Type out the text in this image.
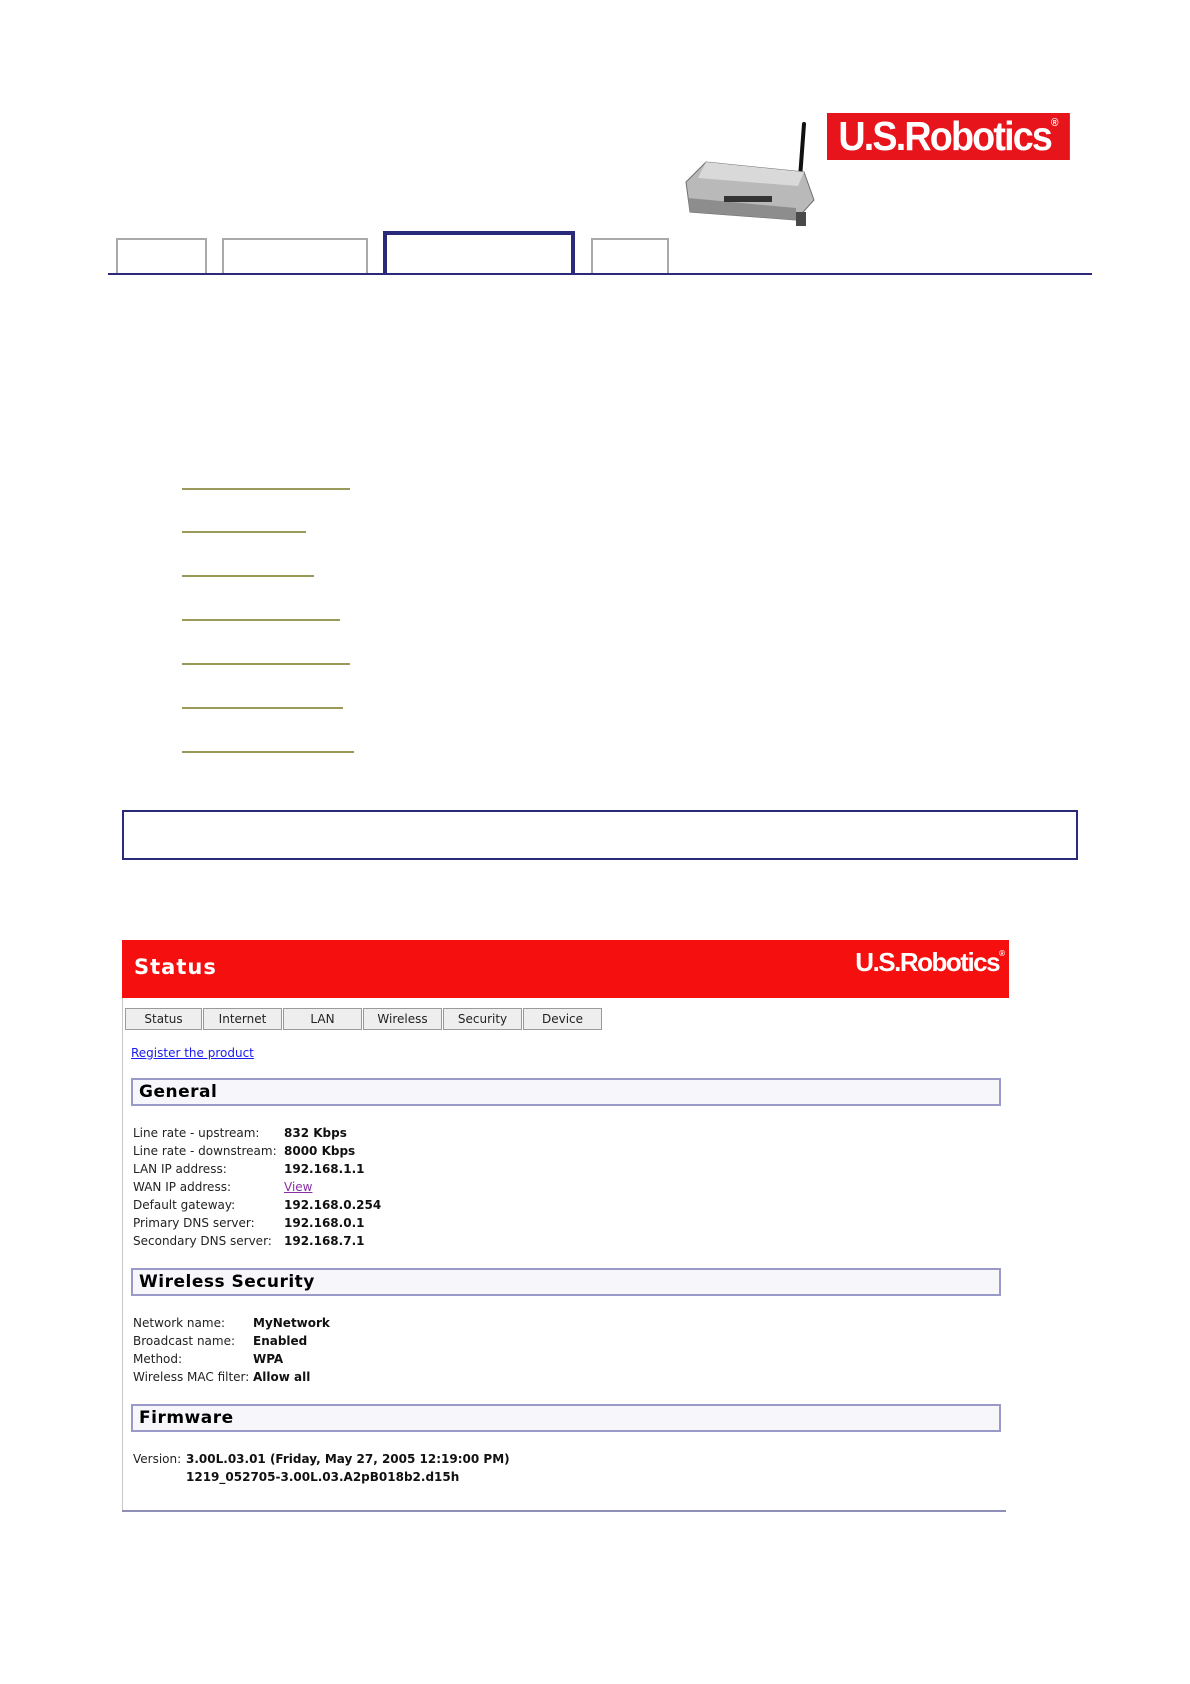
U.S.Robotics®
Status	U.S.Robotics®
Status	Internet	LAN	Wireless	Security	Device
Register the product
General
Line rate - upstream:	832 Kbps
Line rate - downstream: 8000 Kbps
LAN IP address:	192.168.1.1
WAN IP address:	View
Default gateway:	192.168.0.254
Primary DNS server:	192.168.0.1
Secondary DNS server:	192.168.7.1
Wireless Security
Network name:	MyNetwork
Broadcast name:	Enabled
Method:	WPA
Wireless MAC filter: Allow all
Firmware
Version: 3.00L.03.01 (Friday, May 27, 2005 12:19:00 PM)
1219_052705-3.00L.03.A2pB018b2.d15h
